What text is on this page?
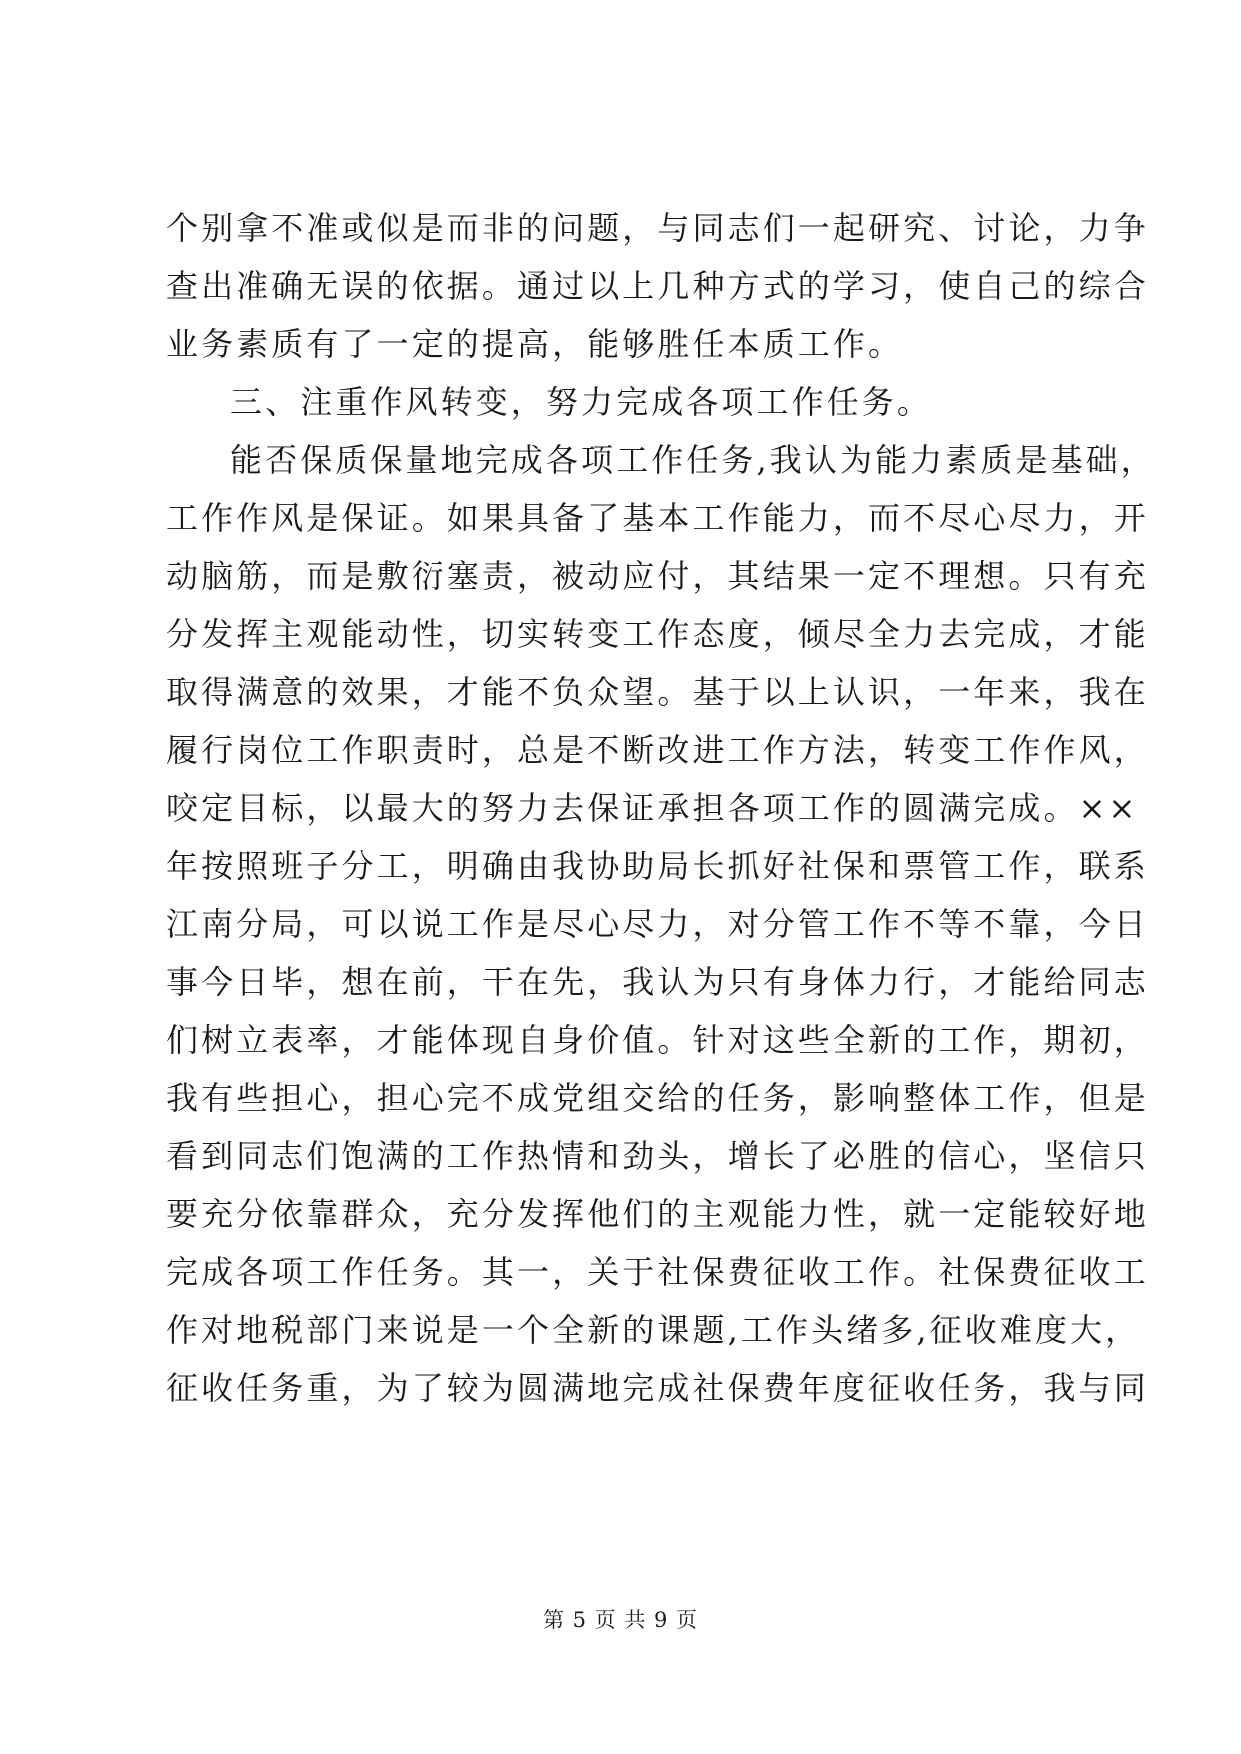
个别拿不准或似是而非的问题，与同志们一起研究、讨论，力争
查出准确无误的依据。通过以上几种方式的学习，使自己的综合
业务素质有了一定的提高，能够胜任本质工作。
三、注重作风转变，努力完成各项工作任务。
能否保质保量地完成各项工作任务,我认为能力素质是基础，
工作作风是保证。如果具备了基本工作能力，而不尽心尽力，开
动脑筋，而是敷衍塞责，被动应付，其结果一定不理想。只有充
分发挥主观能动性，切实转变工作态度，倾尽全力去完成，才能
取得满意的效果，才能不负众望。基于以上认识，一年来，我在
履行岗位工作职责时，总是不断改进工作方法，转变工作作风，
咬定目标，以最大的努力去保证承担各项工作的圆满完成。××
年按照班子分工，明确由我协助局长抓好社保和票管工作，联系
江南分局，可以说工作是尽心尽力，对分管工作不等不靠，今日
事今日毕，想在前，干在先，我认为只有身体力行，才能给同志
们树立表率，才能体现自身价值。针对这些全新的工作，期初，
我有些担心，担心完不成党组交给的任务，影响整体工作，但是
看到同志们饱满的工作热情和劲头，增长了必胜的信心，坚信只
要充分依靠群众，充分发挥他们的主观能力性，就一定能较好地
完成各项工作任务。其一，关于社保费征收工作。社保费征收工
作对地税部门来说是一个全新的课题,工作头绪多,征收难度大，
征收任务重，为了较为圆满地完成社保费年度征收任务，我与同
第 5 页 共 9 页
